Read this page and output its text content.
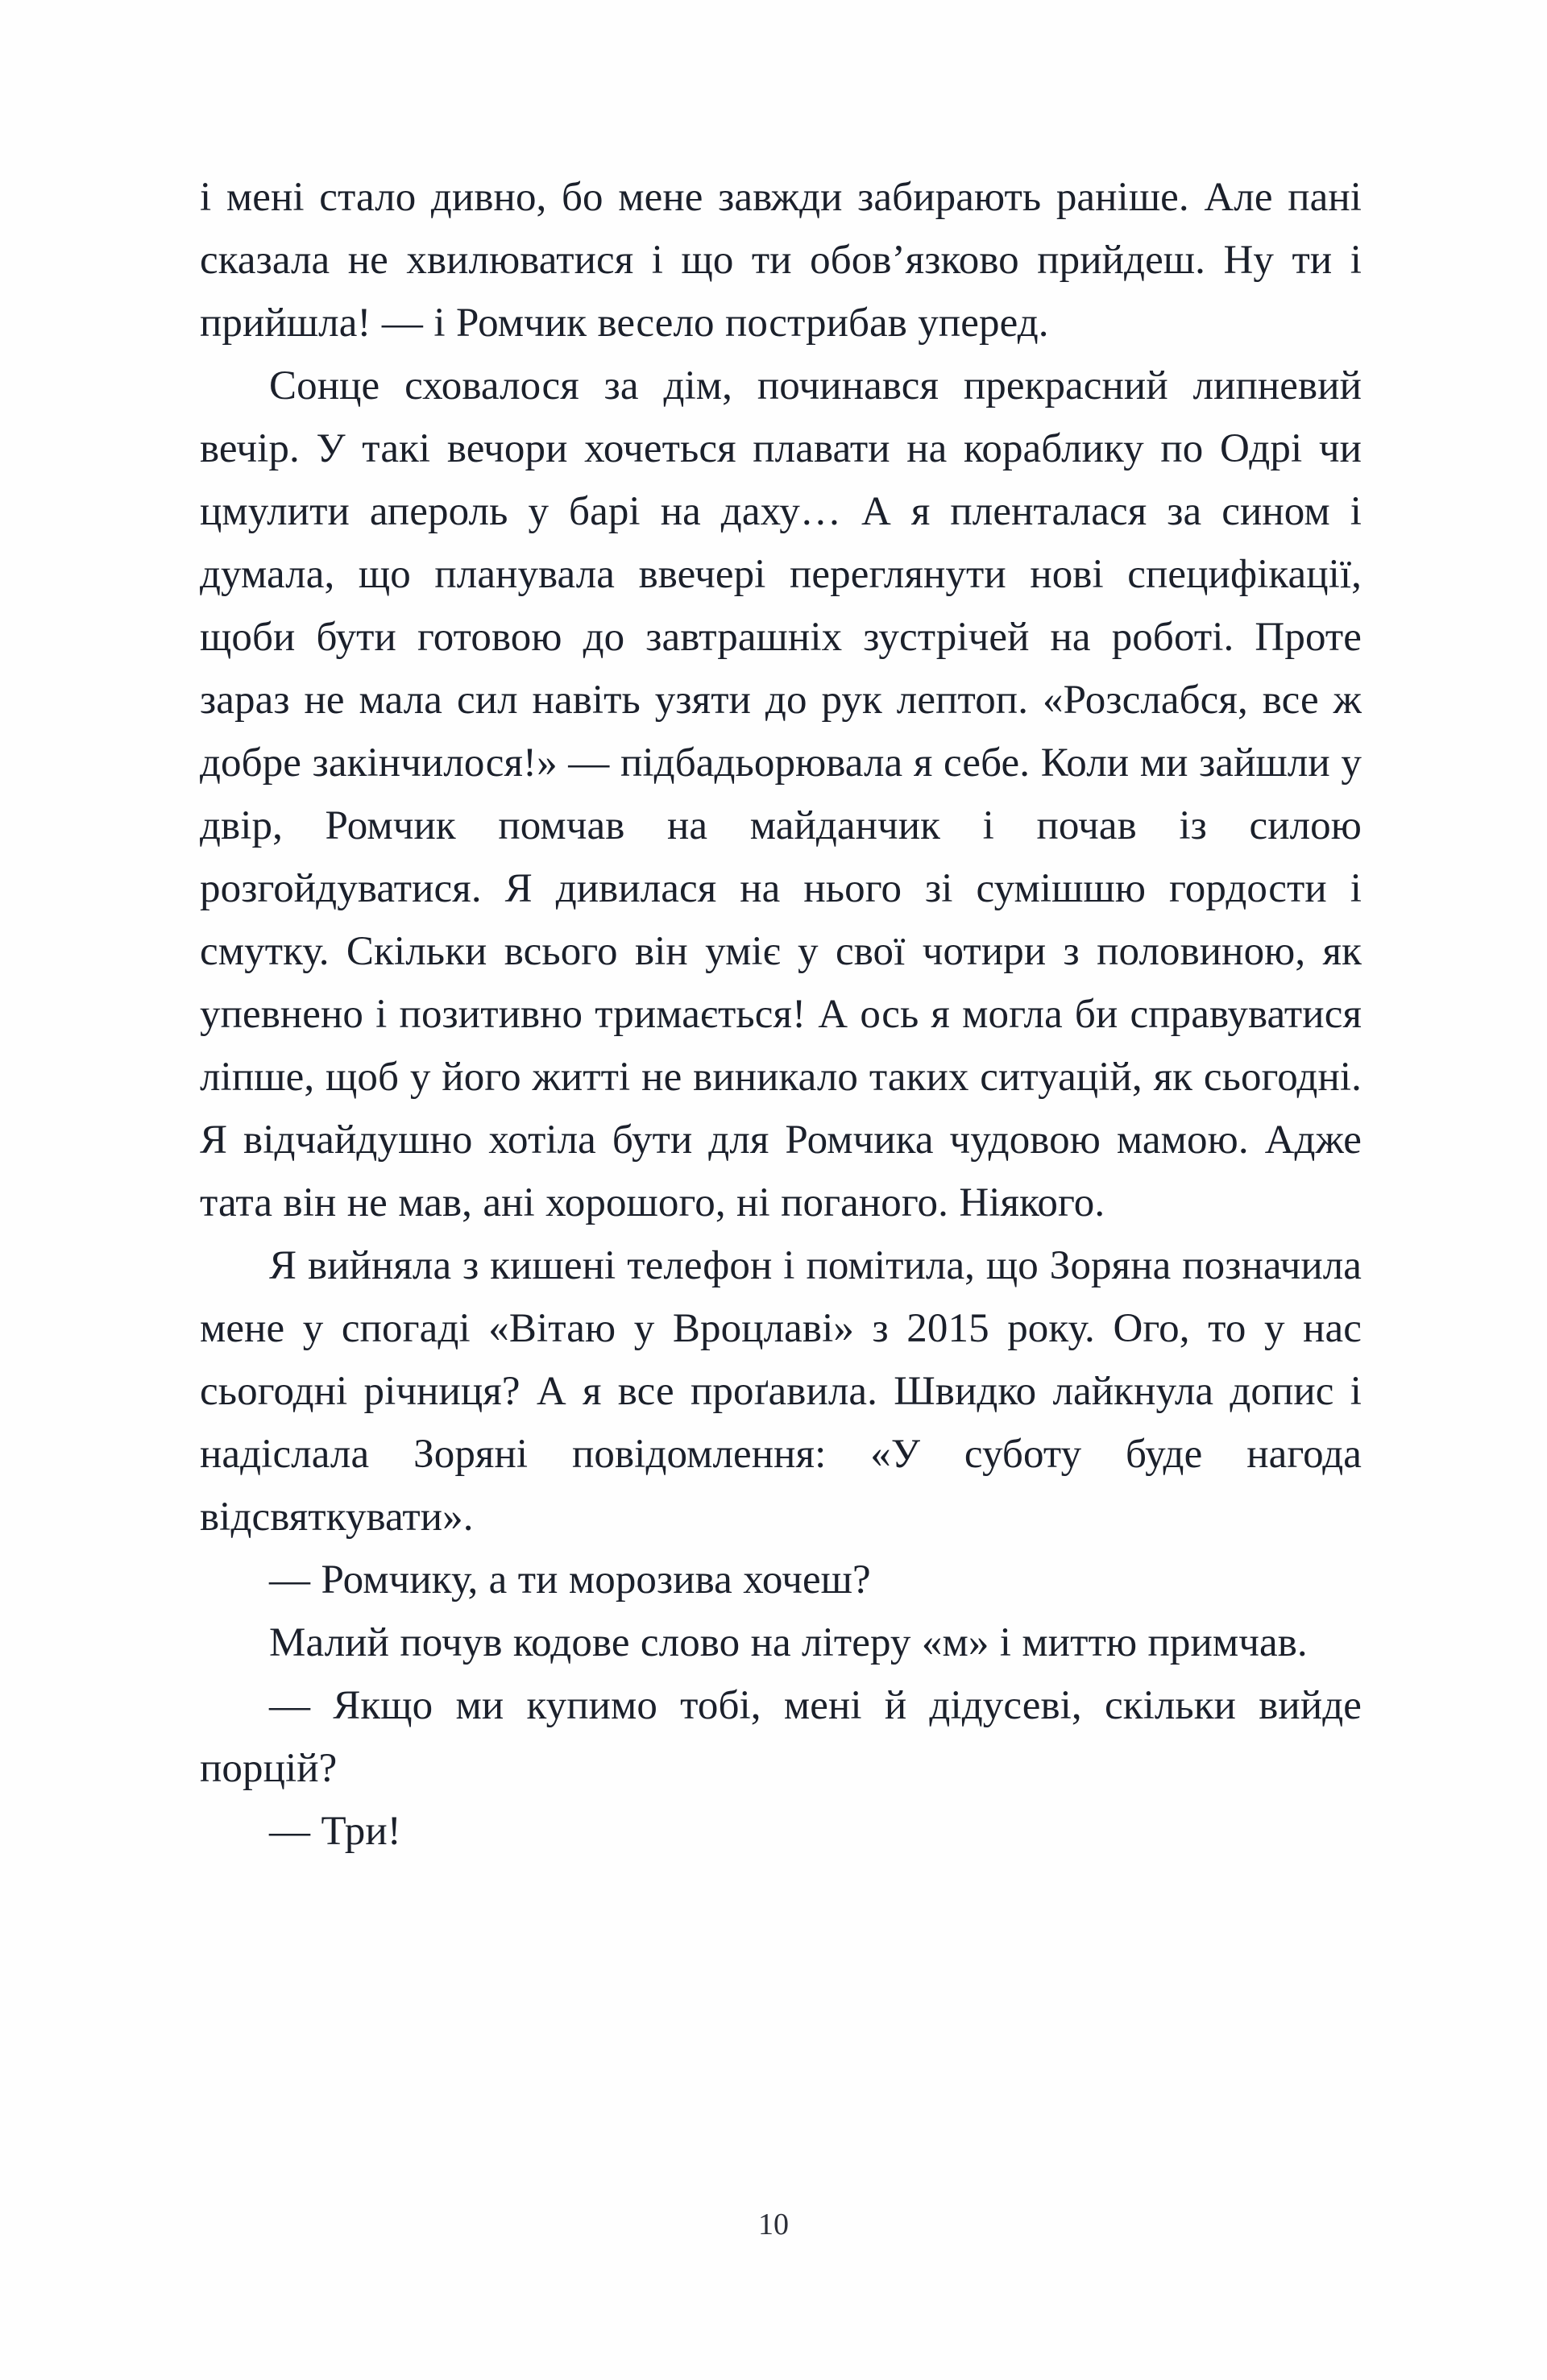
і мені стало дивно, бо мене завжди забирають раніше. Але пані сказала не хвилюватися і що ти обов’язково прийдеш. Ну ти і прийшла! — і Ромчик весело пострибав уперед.

Сонце сховалося за дім, починався прекрасний липневий вечір. У такі вечори хочеться плавати на кораблику по Одрі чи цмулити апероль у барі на даху… А я пленталася за сином і думала, що планувала ввечері переглянути нові специфікації, щоби бути готовою до завтрашніх зустрічей на роботі. Проте зараз не мала сил навіть узяти до рук лептоп. «Розслабся, все ж добре закінчилося!» — підбадьорювала я себе. Коли ми зайшли у двір, Ромчик помчав на майданчик і почав із силою розгойдуватися. Я дивилася на нього зі сумішшю гордости і смутку. Скільки всього він уміє у свої чотири з половиною, як упевнено і позитивно тримається! А ось я могла би справуватися ліпше, щоб у його житті не виникало таких ситуацій, як сьогодні. Я відчайдушно хотіла бути для Ромчика чудовою мамою. Адже тата він не мав, ані хорошого, ні поганого. Ніякого.

Я вийняла з кишені телефон і помітила, що Зоряна позначила мене у спогаді «Вітаю у Вроцлаві» з 2015 року. Ого, то у нас сьогодні річниця? А я все проґавила. Швидко лайкнула допис і надіслала Зоряні повідомлення: «У суботу буде нагода відсвяткувати».

— Ромчику, а ти морозива хочеш?

Малий почув кодове слово на літеру «м» і миттю примчав.

— Якщо ми купимо тобі, мені й дідусеві, скільки вийде порцій?

— Три!

10
